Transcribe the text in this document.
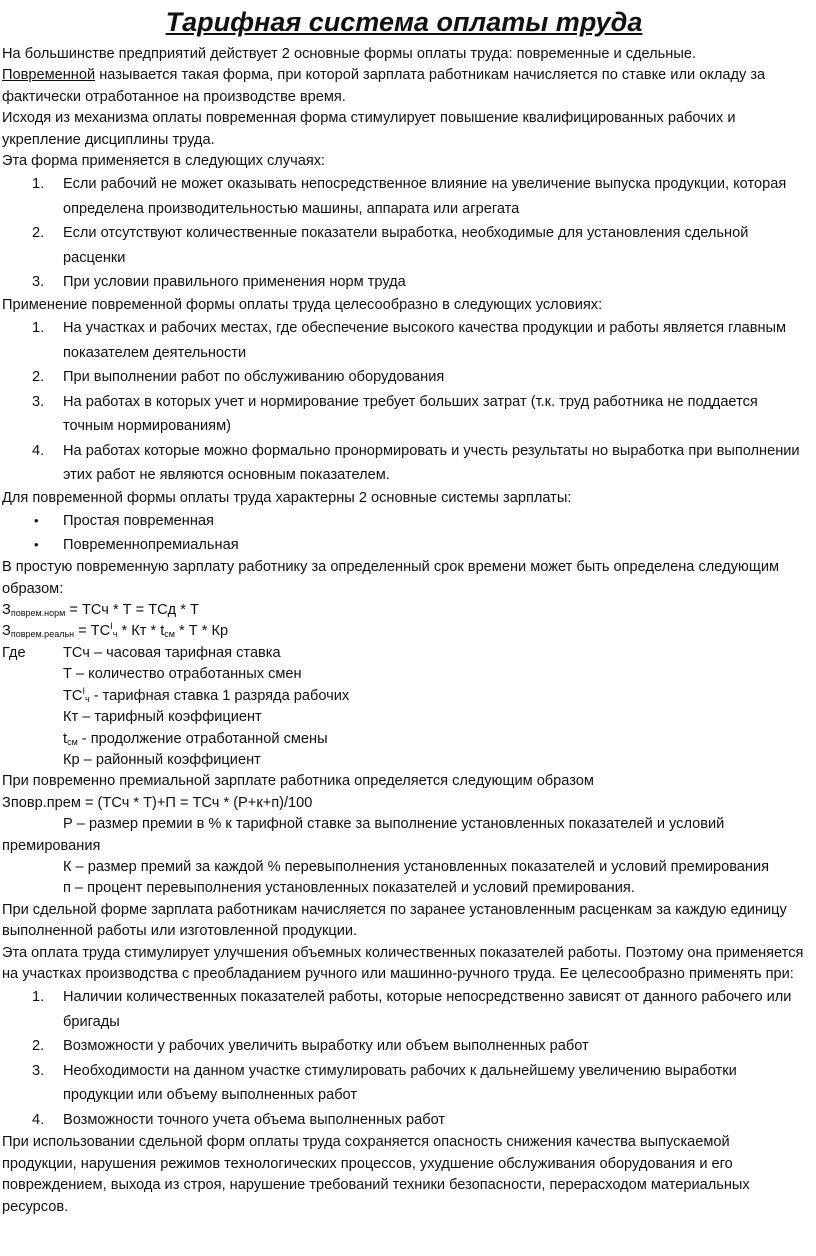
Тарифная система оплаты труда

На большинстве предприятий действует 2 основные формы оплаты труда: повременные и сдельные.

Повременной называется такая форма, при которой зарплата работникам начисляется по ставке или окладу за фактически отработанное на производстве время.

Исходя из механизма оплаты повременная форма стимулирует повышение квалифицированных рабочих и укрепление дисциплины труда.

Эта форма применяется в следующих случаях:

1. Если рабочий не может оказывать непосредственное влияние на увеличение выпуска продукции, которая определена производительностью машины, аппарата или агрегата
2. Если отсутствуют количественные показатели выработка, необходимые для установления сдельной расценки
3. При условии правильного применения норм труда

Применение повременной формы оплаты труда целесообразно в следующих условиях:

1. На участках и рабочих местах, где обеспечение высокого качества продукции и работы является главным показателем деятельности
2. При выполнении работ по обслуживанию оборудования
3. На работах в которых учет и нормирование требует больших затрат (т.к. труд работника не поддается точным нормированиям)
4. На работах которые можно формально пронормировать и учесть результаты но выработка при выполнении этих работ не являются основным показателем.

Для повременной формы оплаты труда характерны 2 основные системы зарплаты:

• Простая повременная
• Повременнопремиальная

В простую повременную зарплату работнику за определенный срок времени может быть определена следующим образом:

$З_{поврем.норм}$ = ТСч * Т = ТСд * Т

$З_{поврем.реальн} = ТС^I_ч$ * Кт * $t_{см}$ * Т * Кр

Где	ТСч – часовая тарифная ставка
Т – количество отработанных смен
$ТС^I_ч$ - тарифная ставка 1 разряда рабочих
Кт – тарифный коэффициент
$t_{см}$ - продолжение отработанной смены
Кр – районный коэффициент

При повременно премиальной зарплате работника определяется следующим образом

Зповр.прем = (ТСч * Т)+П = ТСч * (Р+к+п)/100

Р – размер премии в % к тарифной ставке за выполнение установленных показателей и условий премирования

К – размер премий за каждой % перевыполнения установленных показателей и условий премирования

п – процент перевыполнения установленных показателей и условий премирования.

При сдельной форме зарплата работникам начисляется по заранее установленным расценкам за каждую единицу выполненной работы или изготовленной продукции.

Эта оплата труда стимулирует улучшения объемных количественных показателей работы. Поэтому она применяется на участках производства с преобладанием ручного или машинно-ручного труда. Ее целесообразно применять при:

1. Наличии количественных показателей работы, которые непосредственно зависят от данного рабочего или бригады
2. Возможности у рабочих увеличить выработку или объем выполненных работ
3. Необходимости на данном участке стимулировать рабочих к дальнейшему увеличению выработки продукции или объему выполненных работ
4. Возможности точного учета объема выполненных работ

При использовании сдельной форм оплаты труда сохраняется опасность снижения качества выпускаемой продукции, нарушения режимов технологических процессов, ухудшение обслуживания оборудования и его повреждением, выхода из строя, нарушение требований техники безопасности, перерасходом материальных ресурсов.
